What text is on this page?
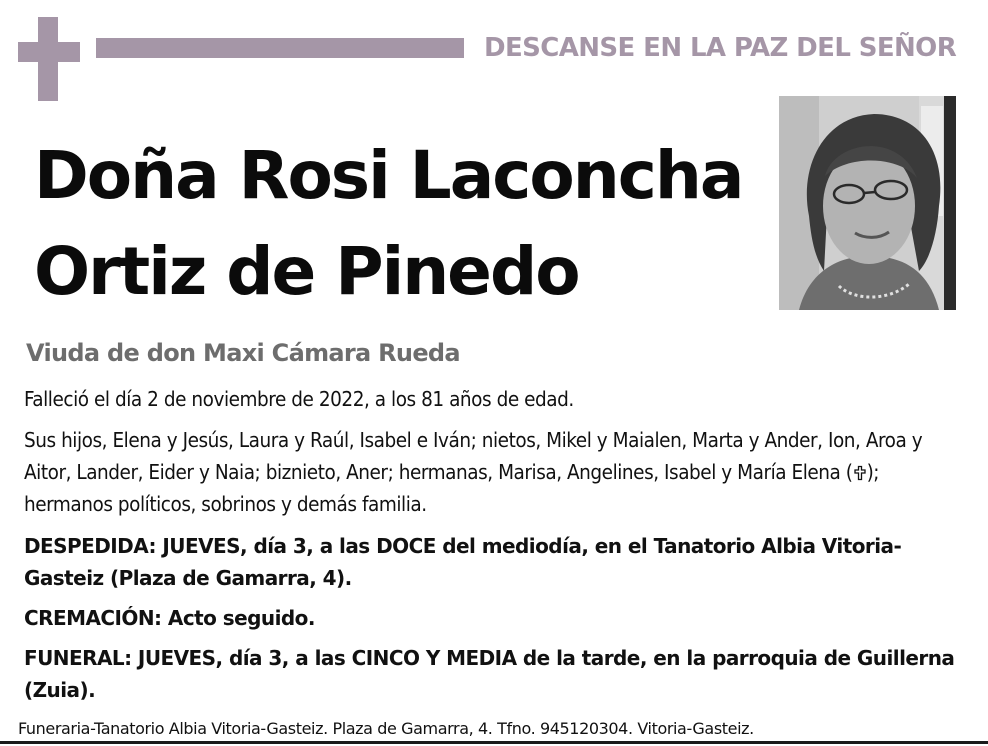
DESCANSE EN LA PAZ DEL SEÑOR
Doña Rosi Laconcha
Ortiz de Pinedo
Viuda de don Maxi Cámara Rueda
Falleció el día 2 de noviembre de 2022, a los 81 años de edad.
Sus hijos, Elena y Jesús, Laura y Raúl, Isabel e Iván; nietos, Mikel y Maialen, Marta y Ander, Ion, Aroa y Aitor, Lander, Eider y Naia; biznieto, Aner; hermanas, Marisa, Angelines, Isabel y María Elena ( ); hermanos políticos, sobrinos y demás familia.
DESPEDIDA: JUEVES, día 3, a las DOCE del mediodía, en el Tanatorio Albia Vitoria-Gasteiz (Plaza de Gamarra, 4).
CREMACIÓN: Acto seguido.
FUNERAL: JUEVES, día 3, a las CINCO Y MEDIA de la tarde, en la parroquia de Guillerna (Zuia).
Funeraria-Tanatorio Albia Vitoria-Gasteiz. Plaza de Gamarra, 4. Tfno. 945120304. Vitoria-Gasteiz.
